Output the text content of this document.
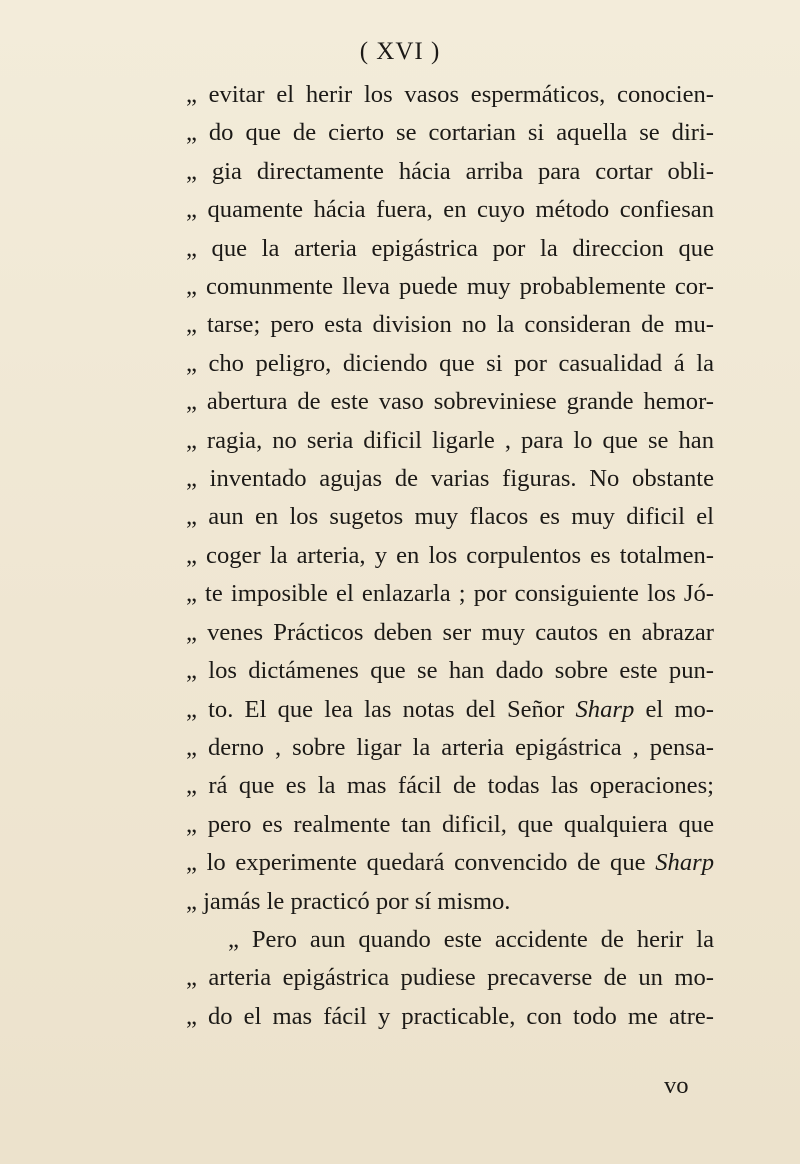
( XVI )
„ evitar el herir los vasos espermáticos, conocien-
„ do que de cierto se cortarian si aquella se diri-
„ gia directamente hácia arriba para cortar obli-
„ quamente hácia fuera, en cuyo método confiesan
„ que la arteria epigástrica por la direccion que
„ comunmente lleva puede muy probablemente cor-
„ tarse; pero esta division no la consideran de mu-
„ cho peligro, diciendo que si por casualidad á la
„ abertura de este vaso sobreviniese grande hemor-
„ ragia, no seria dificil ligarle , para lo que se han
„ inventado agujas de varias figuras. No obstante
„ aun en los sugetos muy flacos es muy dificil el
„ coger la arteria, y en los corpulentos es totalmen-
„ te imposible el enlazarla ; por consiguiente los Jó-
„ venes Prácticos deben ser muy cautos en abrazar
„ los dictámenes que se han dado sobre este pun-
„ to. El que lea las notas del Señor Sharp el mo-
„ derno , sobre ligar la arteria epigástrica , pensa-
„ rá que es la mas fácil de todas las operaciones;
„ pero es realmente tan dificil, que qualquiera que
„ lo experimente quedará convencido de que Sharp
„ jamás le practicó por sí mismo.
„ Pero aun quando este accidente de herir la
„ arteria epigástrica pudiese precaverse de un mo-
„ do el mas fácil y practicable, con todo me atre-
vo
